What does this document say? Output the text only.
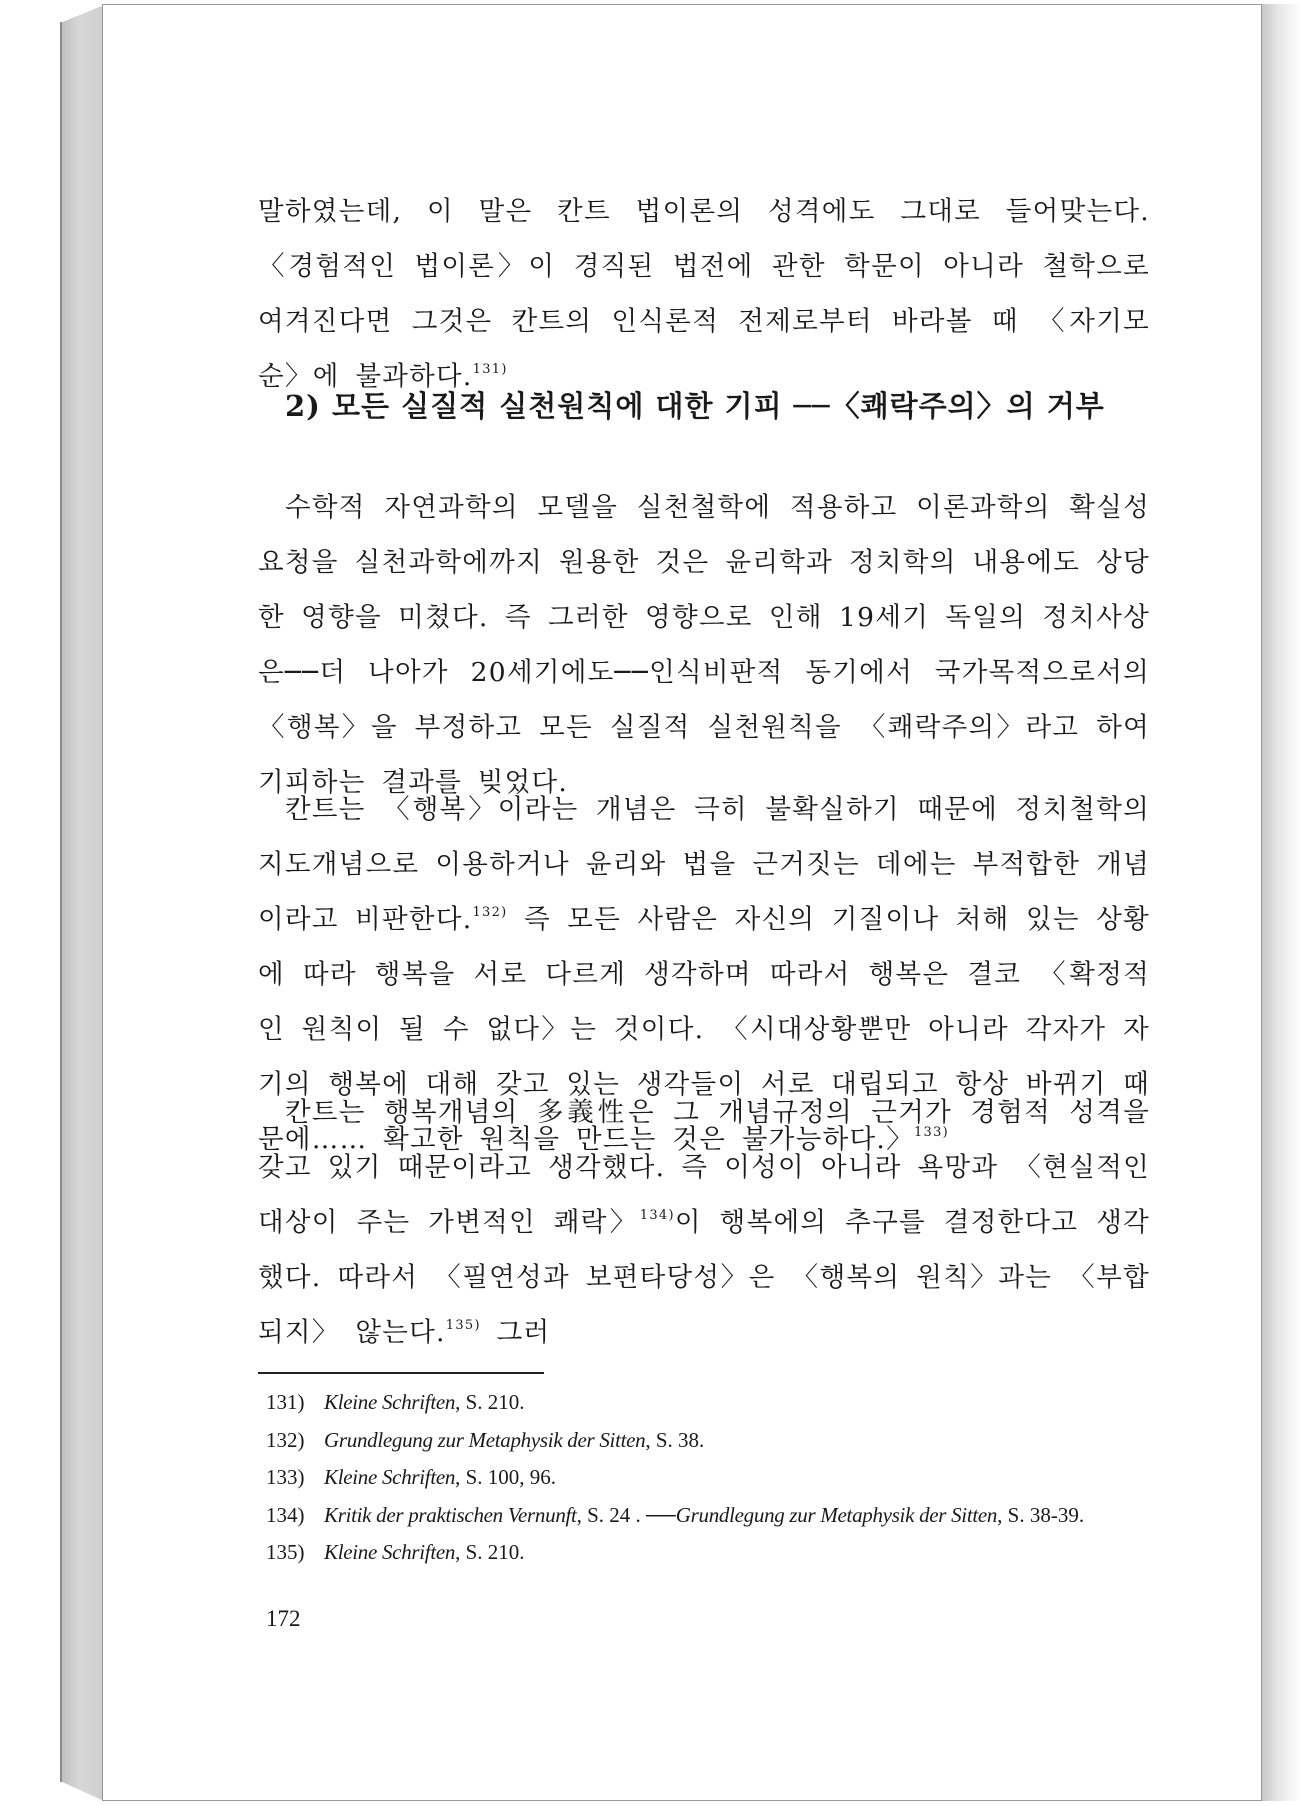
말하였는데, 이 말은 칸트 법이론의 성격에도 그대로 들어맞는다. 〈경험적인 법이론〉이 경직된 법전에 관한 학문이 아니라 철학으로 여겨진다면 그것은 칸트의 인식론적 전제로부터 바라볼 때 〈자기모순〉에 불과하다.$^{131)}$

2) 모든 실질적 실천원칙에 대한 기피 ──〈쾌락주의〉의 거부

수학적 자연과학의 모델을 실천철학에 적용하고 이론과학의 확실성 요청을 실천과학에까지 원용한 것은 윤리학과 정치학의 내용에도 상당한 영향을 미쳤다. 즉 그러한 영향으로 인해 19세기 독일의 정치사상은──더 나아가 20세기에도──인식비판적 동기에서 국가목적으로서의 〈행복〉을 부정하고 모든 실질적 실천원칙을 〈쾌락주의〉라고 하여 기피하는 결과를 빚었다.

칸트는 〈행복〉이라는 개념은 극히 불확실하기 때문에 정치철학의 지도개념으로 이용하거나 윤리와 법을 근거짓는 데에는 부적합한 개념이라고 비판한다.$^{132)}$ 즉 모든 사람은 자신의 기질이나 처해 있는 상황에 따라 행복을 서로 다르게 생각하며 따라서 행복은 결코 〈확정적인 원칙이 될 수 없다〉는 것이다. 〈시대상황뿐만 아니라 각자가 자기의 행복에 대해 갖고 있는 생각들이 서로 대립되고 항상 바뀌기 때문에…… 확고한 원칙을 만드는 것은 불가능하다.〉$^{133)}$

칸트는 행복개념의 多義性은 그 개념규정의 근거가 경험적 성격을 갖고 있기 때문이라고 생각했다. 즉 이성이 아니라 욕망과 〈현실적인 대상이 주는 가변적인 쾌락〉$^{134)}$이 행복에의 추구를 결정한다고 생각했다. 따라서 〈필연성과 보편타당성〉은 〈행복의 원칙〉과는 〈부합되지〉 않는다.$^{135)}$ 그러

131) Kleine Schriften, S. 210.

132) Grundlegung zur Metaphysik der Sitten, S. 38.

133) Kleine Schriften, S. 100, 96.

134) Kritik der praktischen Vernunft, S. 24 . ──Grundlegung zur Metaphysik der Sitten, S. 38-39.

135) Kleine Schriften, S. 210.

172
